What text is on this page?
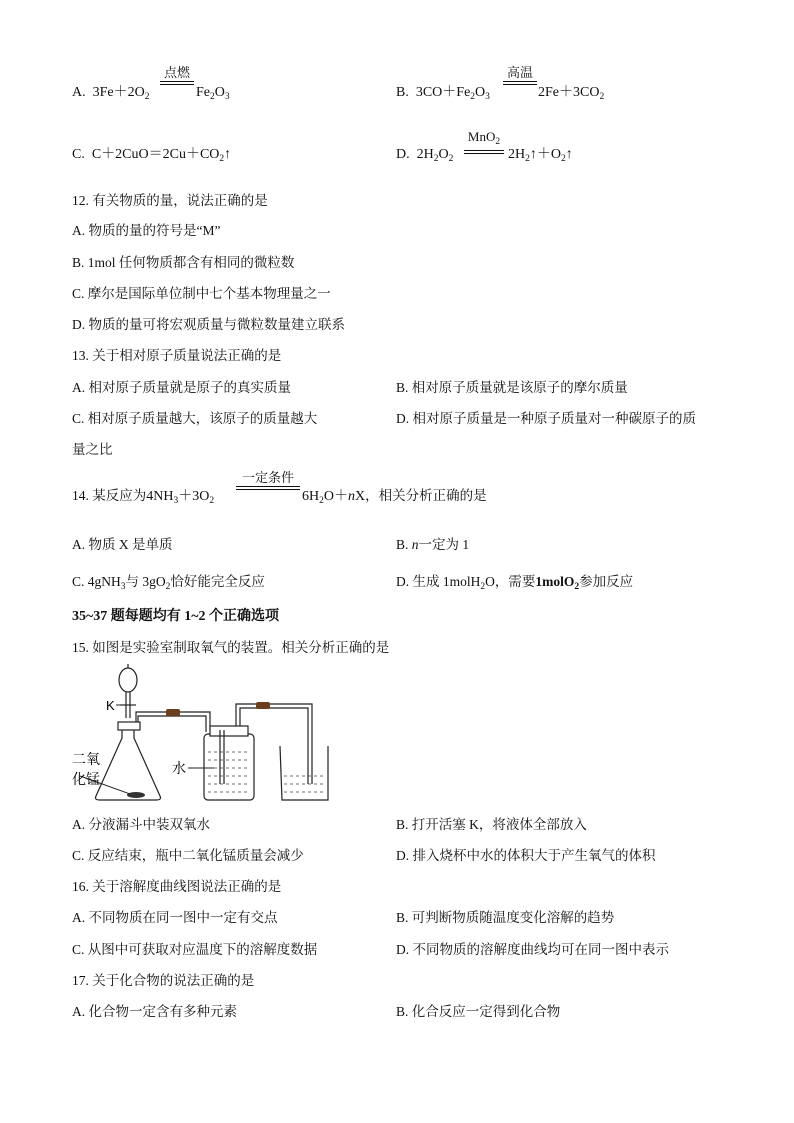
A. $3Fe+2O_2$
点燃
$Fe_2O_3$	B. $3CO+Fe_2O_3$
高温
$2Fe+3CO_2$
C. $C+2CuO=2Cu+CO_2↑$	D. $2H_2O_2$
MnO$_2$
$2H_2↑+O_2↑$
12. 有关物质的量，说法正确的是
A. 物质的量的符号是“M”
B. 1mol 任何物质都含有相同的微粒数
C. 摩尔是国际单位制中七个基本物理量之一
D. 物质的量可将宏观质量与微粒数量建立联系
13. 关于相对原子质量说法正确的是
A. 相对原子质量就是原子的真实质量	B. 相对原子质量就是该原子的摩尔质量
C. 相对原子质量越大，该原子的质量越大	D. 相对原子质量是一种原子质量对一种碳原子的质
量之比
14. 某反应为$4NH_3+3O_2$
一定条件
$6H_2O+nX$，相关分析正确的是
A. 物质 X 是单质	B. n一定为 1
C. 4gNH$_3$与 $3gO_2$恰好能完全反应	D. 生成 1molH$_2$O，需要1molO$_2$参加反应
35~37 题每题均有 1~2 个正确选项
15. 如图是实验室制取氧气的装置。相关分析正确的是
K
二氧
化锰
水
A. 分液漏斗中装双氧水	B. 打开活塞 K，将液体全部放入
C. 反应结束，瓶中二氧化锰质量会减少	D. 排入烧杯中水的体积大于产生氧气的体积
16. 关于溶解度曲线图说法正确的是
A. 不同物质在同一图中一定有交点	B. 可判断物质随温度变化溶解的趋势
C. 从图中可获取对应温度下的溶解度数据	D. 不同物质的溶解度曲线均可在同一图中表示
17. 关于化合物的说法正确的是
A. 化合物一定含有多种元素	B. 化合反应一定得到化合物
